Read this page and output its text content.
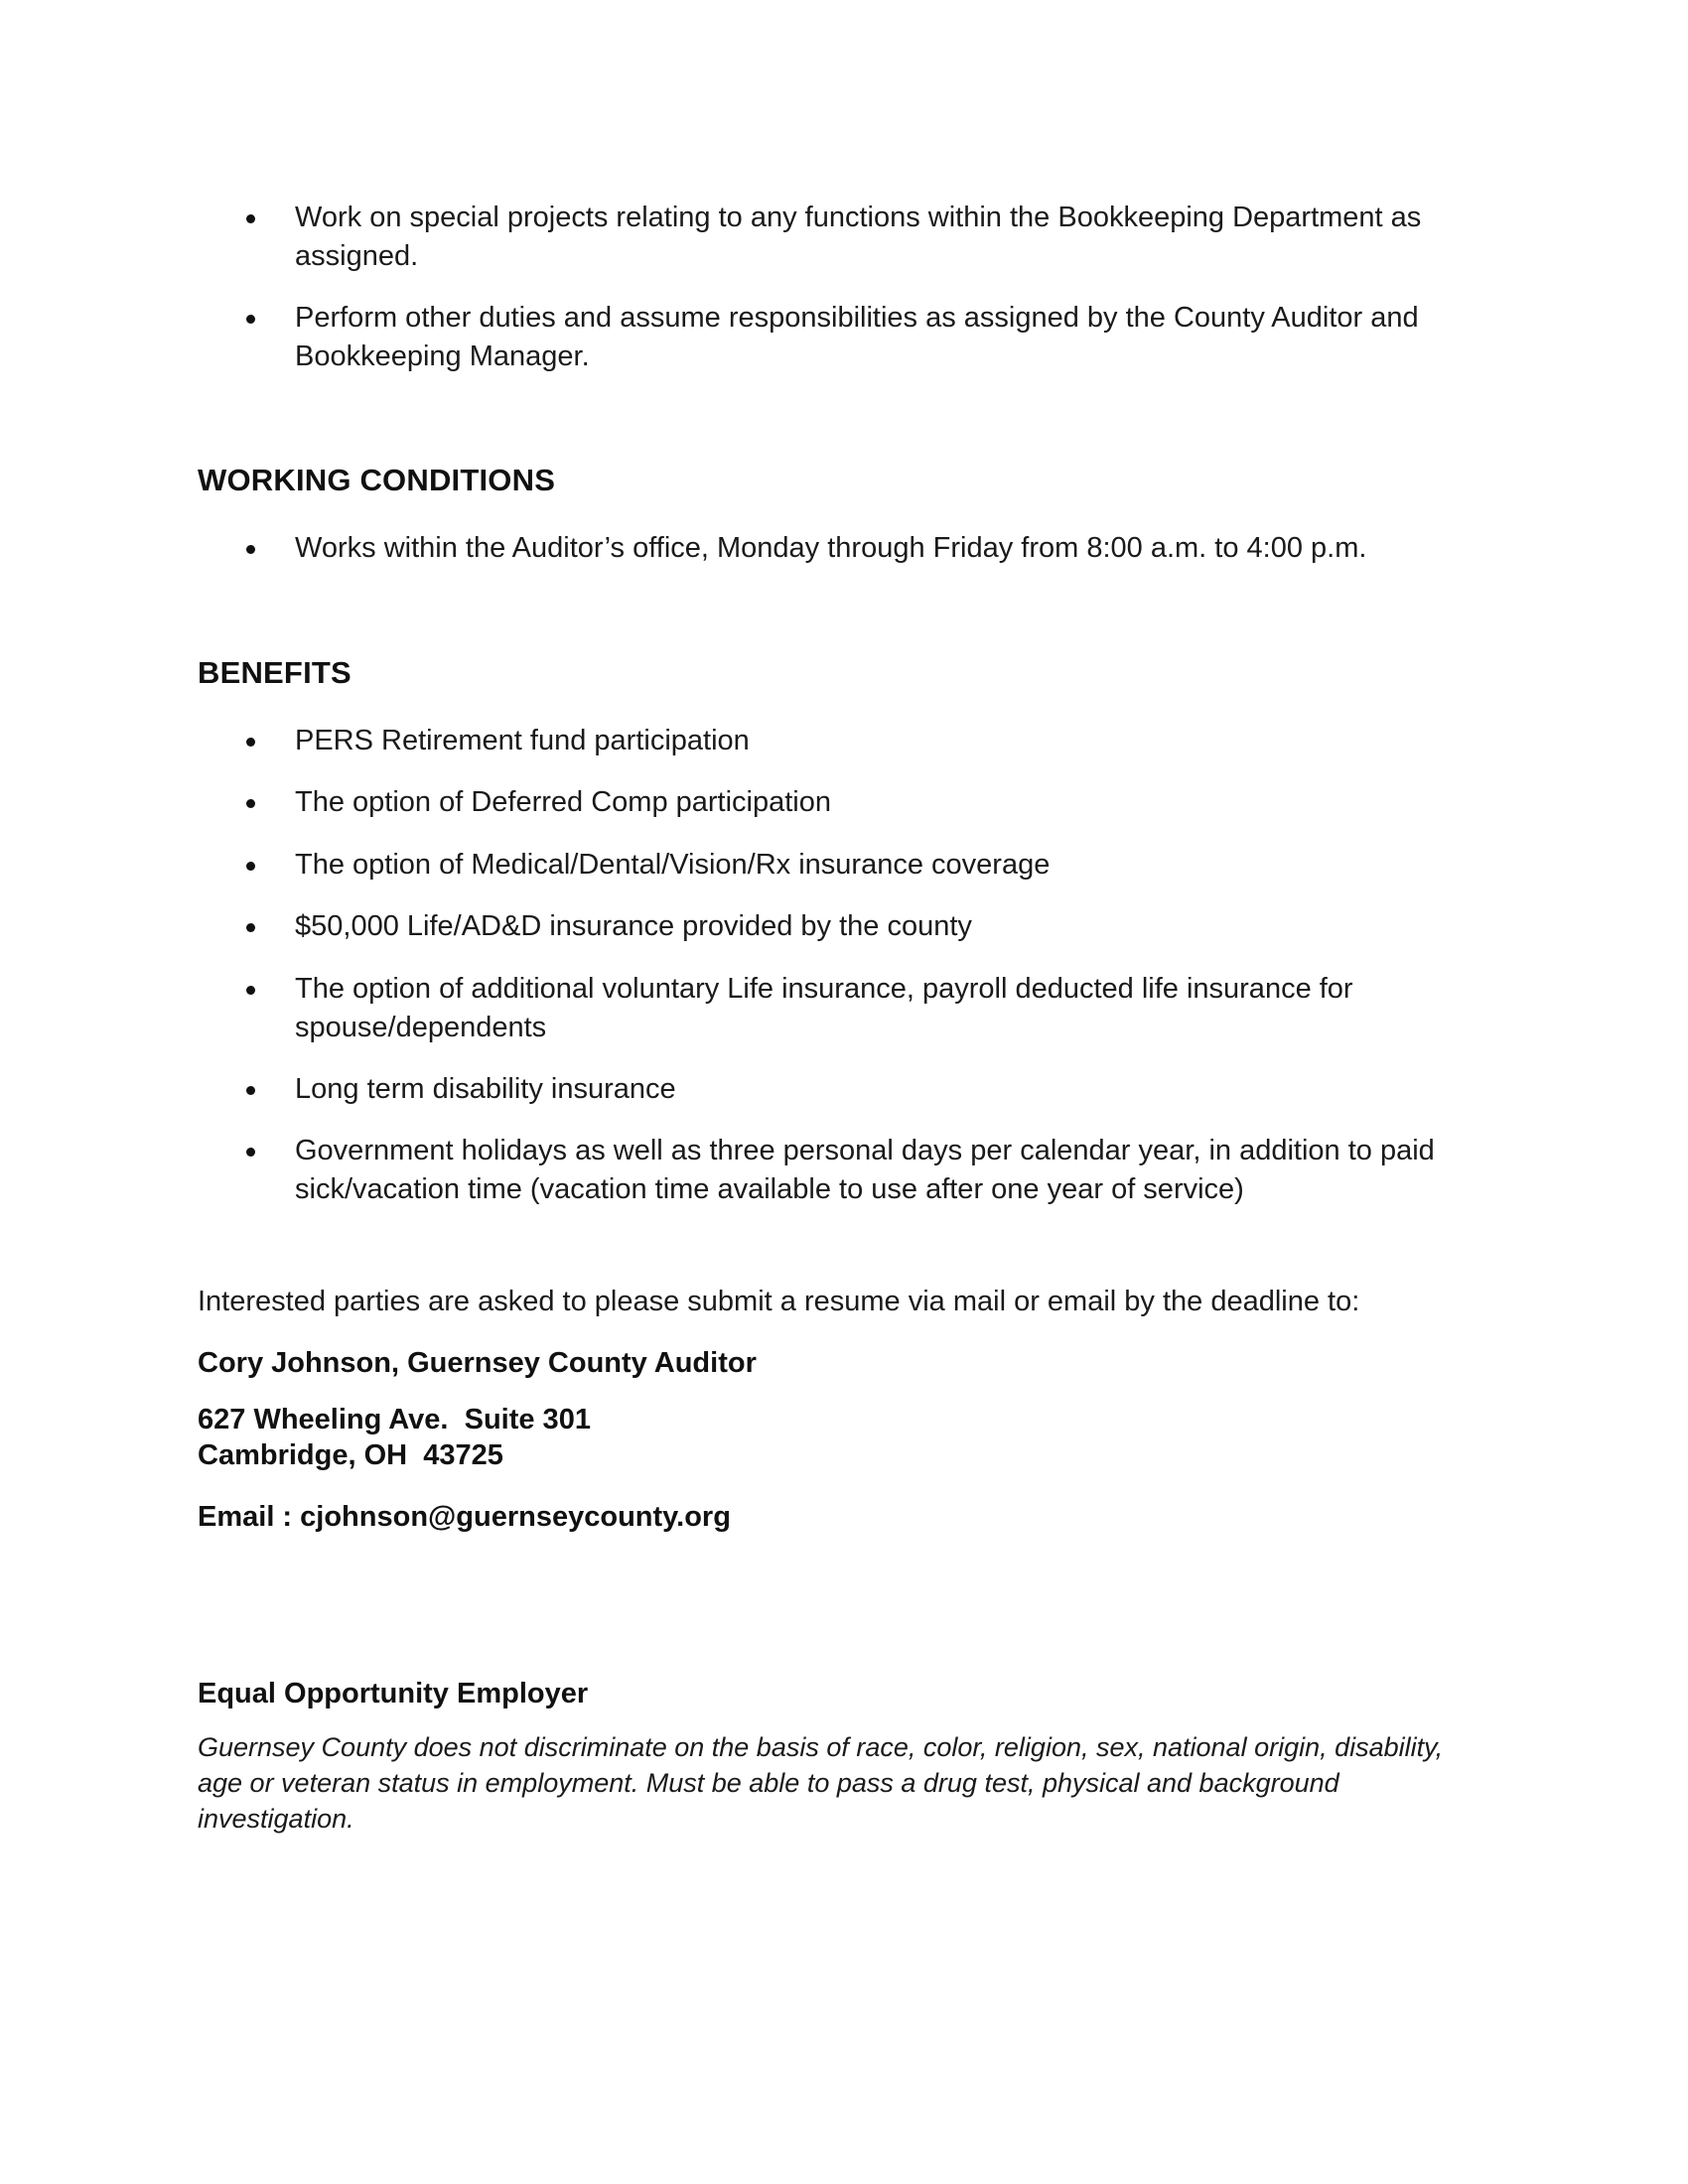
Work on special projects relating to any functions within the Bookkeeping Department as assigned.
Perform other duties and assume responsibilities as assigned by the County Auditor and Bookkeeping Manager.
WORKING CONDITIONS
Works within the Auditor’s office, Monday through Friday from 8:00 a.m. to 4:00 p.m.
BENEFITS
PERS Retirement fund participation
The option of Deferred Comp participation
The option of Medical/Dental/Vision/Rx insurance coverage
$50,000 Life/AD&D insurance provided by the county
The option of additional voluntary Life insurance, payroll deducted life insurance for spouse/dependents
Long term disability insurance
Government holidays as well as three personal days per calendar year, in addition to paid sick/vacation time (vacation time available to use after one year of service)
Interested parties are asked to please submit a resume via mail or email by the deadline to:
Cory Johnson, Guernsey County Auditor
627 Wheeling Ave.  Suite 301
Cambridge, OH  43725
Email : cjohnson@guernseycounty.org
Equal Opportunity Employer
Guernsey County does not discriminate on the basis of race, color, religion, sex, national origin, disability, age or veteran status in employment. Must be able to pass a drug test, physical and background investigation.
